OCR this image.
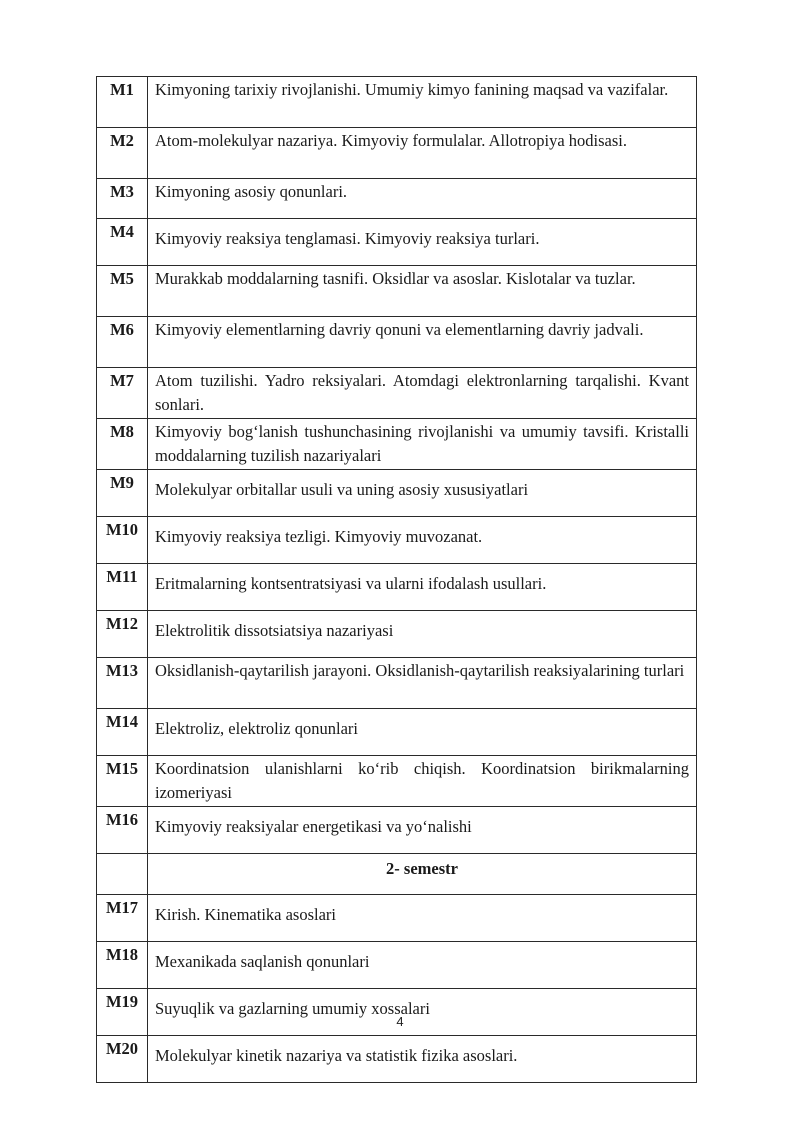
M1	Kimyoning tarixiy rivojlanishi. Umumiy kimyo fanining maqsad va vazifalar.
M2	Atom-molekulyar nazariya. Kimyoviy formulalar. Allotropiya hodisasi.
M3	Kimyoning asosiy qonunlari.
M4	Kimyoviy reaksiya tenglamasi. Kimyoviy reaksiya turlari.
M5	Murakkab moddalarning tasnifi. Oksidlar va asoslar. Kislotalar va tuzlar.
M6	Kimyoviy elementlarning davriy qonuni va elementlarning davriy jadvali.
M7	Atom tuzilishi. Yadro reksiyalari. Atomdagi elektronlarning tarqalishi. Kvant sonlari.
M8	Kimyoviy bog‘lanish tushunchasining rivojlanishi va umumiy tavsifi. Kristalli moddalarning tuzilish nazariyalari
M9	Molekulyar orbitallar usuli va uning asosiy xususiyatlari
M10	Kimyoviy reaksiya tezligi. Kimyoviy muvozanat.
M11	Eritmalarning kontsentratsiyasi va ularni ifodalash usullari.
M12	Elektrolitik dissotsiatsiya nazariyasi
M13	Oksidlanish-qaytarilish jarayoni. Oksidlanish-qaytarilish reaksiyalarining turlari
M14	Elektroliz, elektroliz qonunlari
M15	Koordinatsion ulanishlarni ko‘rib chiqish. Koordinatsion birikmalarning izomeriyasi
M16	Kimyoviy reaksiyalar energetikasi va yo‘nalishi
	2- semestr
M17	Kirish. Kinematika asoslari
M18	Mexanikada saqlanish qonunlari
M19	Suyuqlik va gazlarning umumiy xossalari
M20	Molekulyar kinetik nazariya va statistik fizika asoslari.
4
